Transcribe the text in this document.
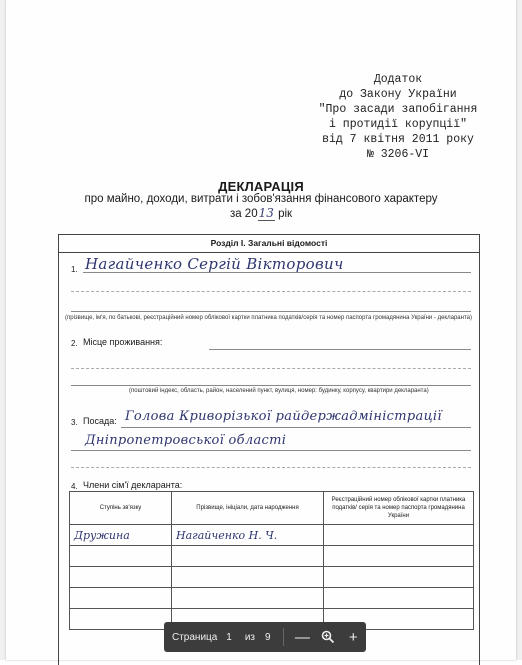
Додаток
до Закону України
"Про засади запобігання
і протидії корупції"
від 7 квітня 2011 року
№ 3206-VI
ДЕКЛАРАЦІЯ
про майно, доходи, витрати і зобов'язання фінансового характеру
за 2013 рік
Розділ І. Загальні відомості
1. Нагайченко Сергій Вікторович
(прізвище, ім'я, по батькові, реєстраційний номер облікової картки платника податків/серія та номер паспорта громадянина України - декларанта)
2. Місце проживання:
(поштовий індекс, область, район, населений пункт, вулиця, номер: будинку, корпусу, квартири декларанта)
3. Посада: Голова Криворізької райдержадміністрації
Дніпропетровської області
4. Члени сім'ї декларанта:
Ступінь зв'язку	Прізвище, ініціали, дата народження	Реєстраційний номер облікової картки платника податків/ серія та номер паспорта громадянина України
Дружина	Нагайченко Н. Ч.	

Страница 1	из	9	—	+
